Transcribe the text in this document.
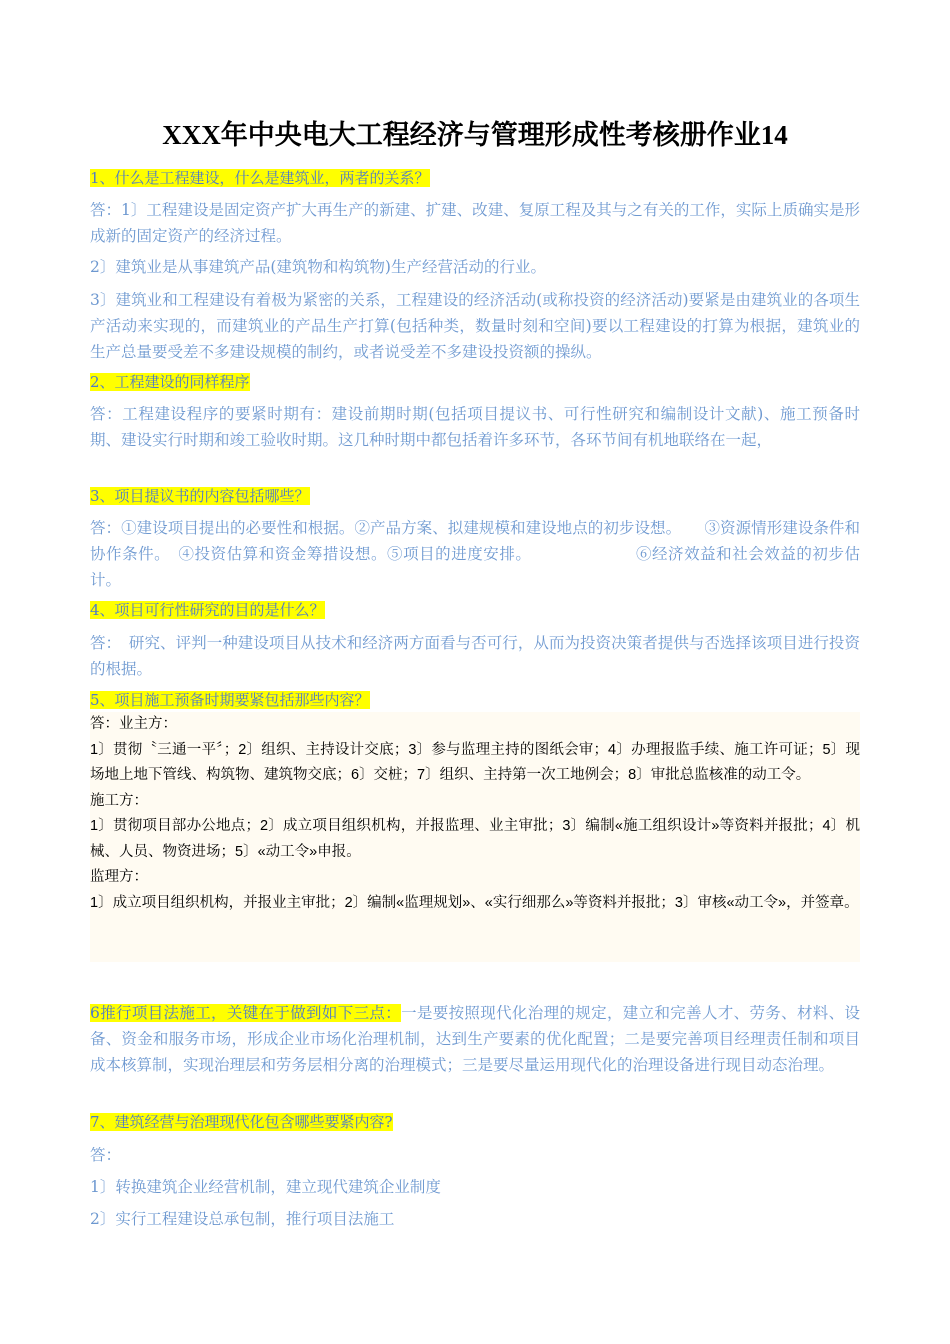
XXX年中央电大工程经济与管理形成性考核册作业14
1、什么是工程建设，什么是建筑业，两者的关系？

答：1〕工程建设是固定资产扩大再生产的新建、扩建、改建、复原工程及其与之有关的工作，实际上质确实是形成新的固定资产的经济过程。

2〕建筑业是从事建筑产品(建筑物和构筑物)生产经营活动的行业。

3〕建筑业和工程建设有着极为紧密的关系，工程建设的经济活动(或称投资的经济活动)要紧是由建筑业的各项生产活动来实现的，而建筑业的产品生产打算(包括种类，数量时刻和空间)要以工程建设的打算为根据，建筑业的生产总量要受差不多建设规模的制约，或者说受差不多建设投资额的操纵。

2、工程建设的同样程序

答：工程建设程序的要紧时期有：建设前期时期(包括项目提议书、可行性研究和编制设计文献)、施工预备时期、建设实行时期和竣工验收时期。这几种时期中都包括着许多环节，各环节间有机地联络在一起，

3、项目提议书的内容包括哪些？

答：①建设项目提出的必要性和根据。②产品方案、拟建规模和建设地点的初步设想。　　③资源情形建设条件和协作条件。　④投资估算和资金筹措设想。⑤项目的进度安排。　　　　　　　⑥经济效益和社会效益的初步估计。

4、项目可行性研究的目的是什么？

答：　研究、评判一种建设项目从技术和经济两方面看与否可行，从而为投资决策者提供与否选择该项目进行投资的根据。

5、项目施工预备时期要紧包括那些内容？
答：业主方：
1〕贯彻〝三通一平〞；2〕组织、主持设计交底；3〕参与监理主持的图纸会审；4〕办理报监手续、施工许可证；5〕现场地上地下管线、构筑物、建筑物交底；6〕交桩；7〕组织、主持第一次工地例会；8〕审批总监核准的动工令。
施工方：
1〕贯彻项目部办公地点；2〕成立项目组织机构，并报监理、业主审批；3〕编制«施工组织设计»等资料并报批；4〕机械、人员、物资进场；5〕«动工令»申报。
监理方：
1〕成立项目组织机构，并报业主审批；2〕编制«监理规划»、«实行细那么»等资料并报批；3〕审核«动工令»，并签章。

6推行项目法施工，关键在于做到如下三点：一是要按照现代化治理的规定，建立和完善人才、劳务、材料、设备、资金和服务市场，形成企业市场化治理机制，达到生产要素的优化配置；二是要完善项目经理责任制和项目成本核算制，实现治理层和劳务层相分离的治理模式；三是要尽量运用现代化的治理设备进行现目动态治理。

7、建筑经营与治理现代化包含哪些要紧内容?

答：

1〕转换建筑企业经营机制，建立现代建筑企业制度

2〕实行工程建设总承包制，推行项目法施工
